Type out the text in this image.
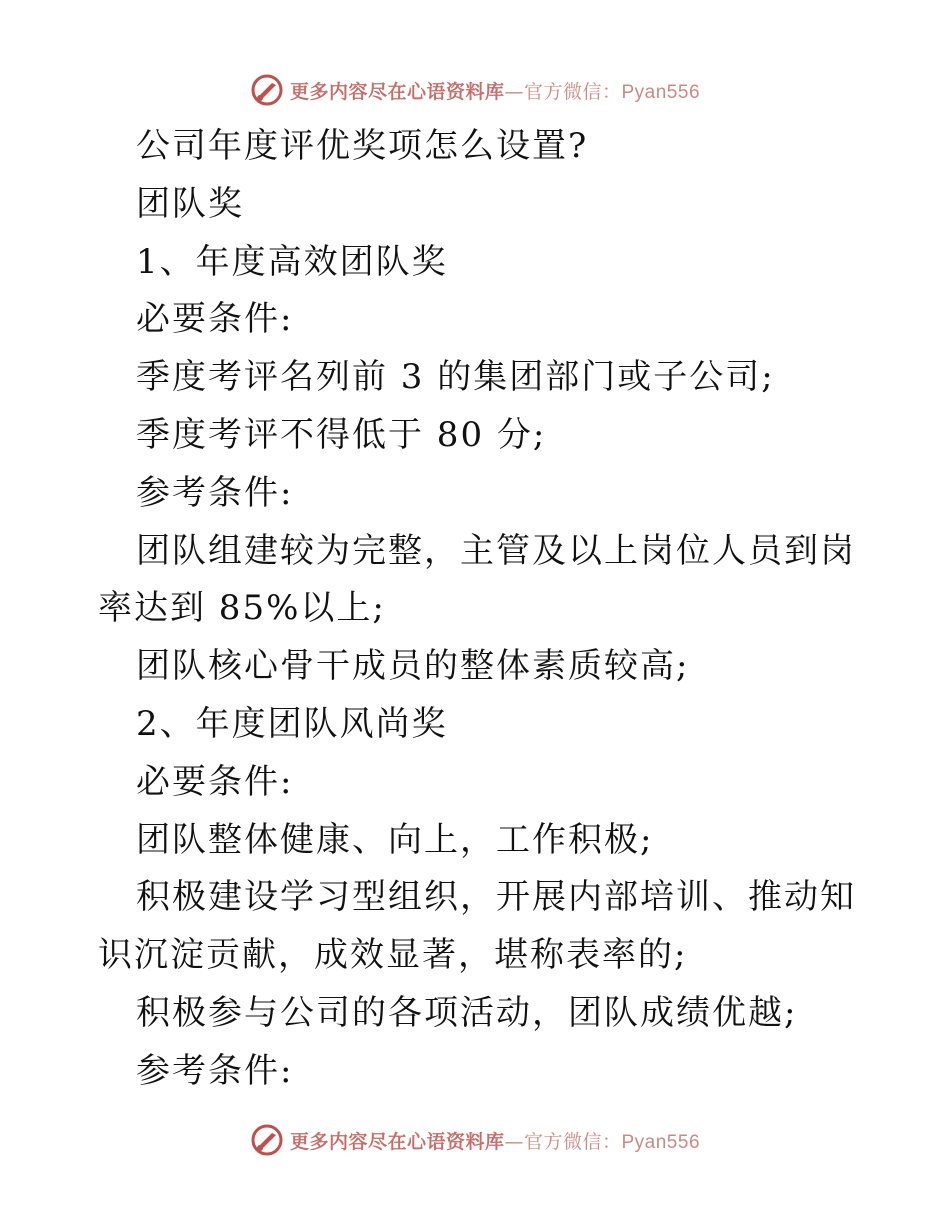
更多内容尽在心语资料库—官方微信：Pyan556

公司年度评优奖项怎么设置?

团队奖

1、年度高效团队奖

必要条件:

季度考评名列前 3 的集团部门或子公司;

季度考评不得低于 80 分;

参考条件:

团队组建较为完整，主管及以上岗位人员到岗率达到 85%以上;

团队核心骨干成员的整体素质较高;

2、年度团队风尚奖

必要条件:

团队整体健康、向上，工作积极;

积极建设学习型组织，开展内部培训、推动知识沉淀贡献，成效显著，堪称表率的;

积极参与公司的各项活动，团队成绩优越;

参考条件:

更多内容尽在心语资料库—官方微信：Pyan556
